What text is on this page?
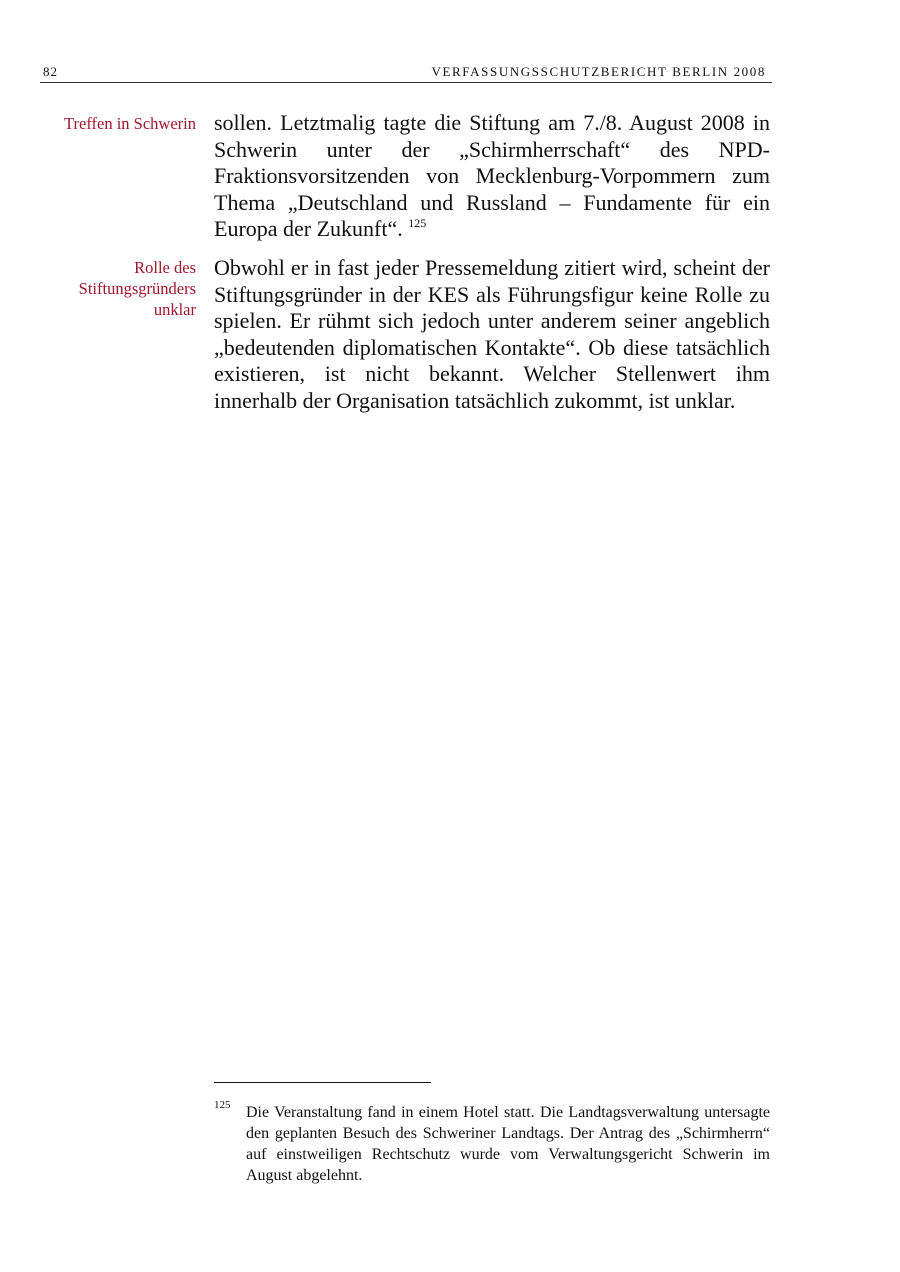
82	VERFASSUNGSSCHUTZBERICHT BERLIN 2008
Treffen in Schwerin sollen. Letztmalig tagte die Stiftung am 7./8. August 2008 in Schwerin unter der „Schirmherrschaft“ des NPD-Fraktionsvorsitzenden von Mecklenburg-Vorpommern zum Thema „Deutschland und Russland – Fundamente für ein Europa der Zukunft“. $^{125}$
Rolle des
Stiftungsgründers
unklar
Obwohl er in fast jeder Pressemeldung zitiert wird, scheint der Stiftungsgründer in der KES als Führungsfigur keine Rolle zu spielen. Er rühmt sich jedoch unter anderem seiner angeblich „bedeutenden diplomatischen Kontakte“. Ob diese tatsächlich existieren, ist nicht bekannt. Welcher Stellenwert ihm innerhalb der Organisation tatsächlich zukommt, ist unklar.
125 Die Veranstaltung fand in einem Hotel statt. Die Landtagsverwaltung untersagte den geplanten Besuch des Schweriner Landtags. Der Antrag des „Schirmherrn“ auf einstweiligen Rechtschutz wurde vom Verwaltungsgericht Schwerin im August abgelehnt.
